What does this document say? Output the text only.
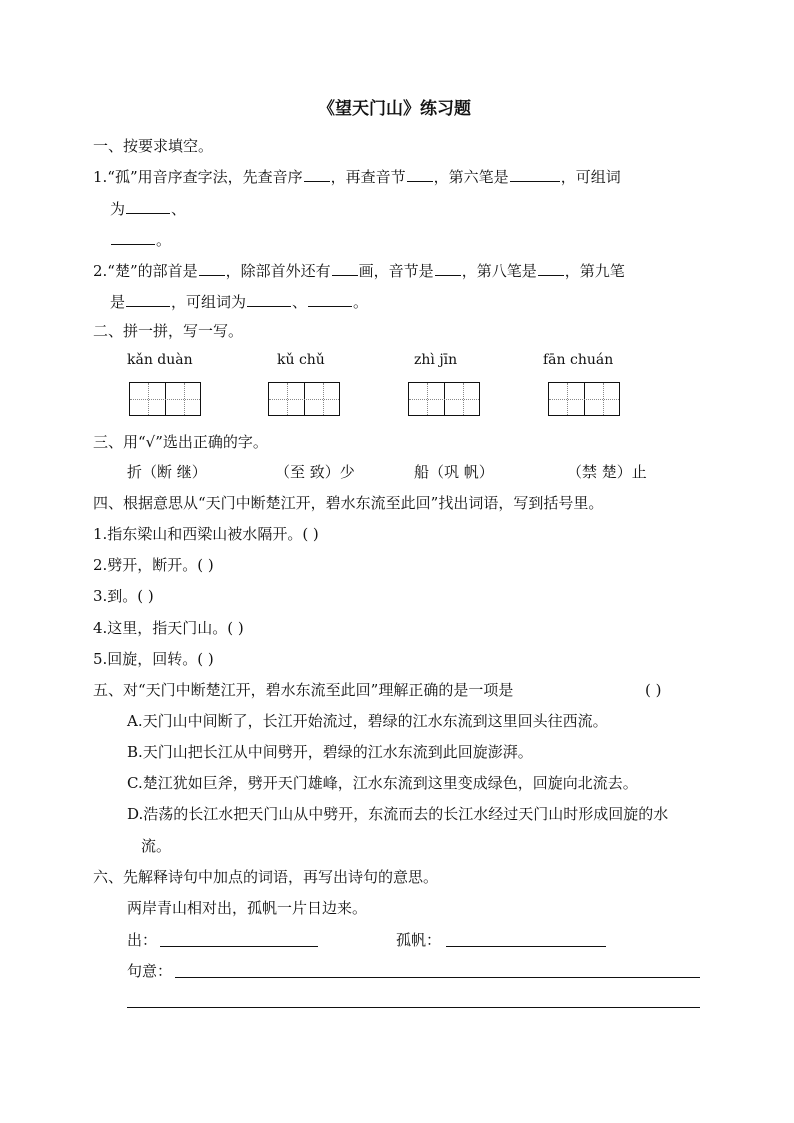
《望天门山》练习题
一、按要求填空。
1.“孤”用音序查字法，先查音序 ，再查音节 ，第六笔是	，可组词
为	、
。
2.“楚”的部首是 ，除部首外还有 画，音节是 ，第八笔是 ，第九笔
是	，可组词为	、	。
二、拼一拼，写一写。
kǎn duàn	kǔ chǔ	zhì jīn	fān chuán
三、用“√”选出正确的字。
折（断 继）	（至 致）少	船（巩 帆）	（禁 楚）止
四、根据意思从“天门中断楚江开，碧水东流至此回”找出词语，写到括号里。
1.指东梁山和西梁山被水隔开。( )
2.劈开，断开。( )
3.到。( )
4.这里，指天门山。( )
5.回旋，回转。( )
五、对“天门中断楚江开，碧水东流至此回”理解正确的是一项是	( )
A.天门山中间断了，长江开始流过，碧绿的江水东流到这里回头往西流。
B.天门山把长江从中间劈开，碧绿的江水东流到此回旋澎湃。
C.楚江犹如巨斧，劈开天门雄峰，江水东流到这里变成绿色，回旋向北流去。
D.浩荡的长江水把天门山从中劈开，东流而去的长江水经过天门山时形成回旋的水
流。
六、先解释诗句中加点的词语，再写出诗句的意思。
两岸青山相对出，孤帆一片日边来。
出：	孤帆：
句意：
